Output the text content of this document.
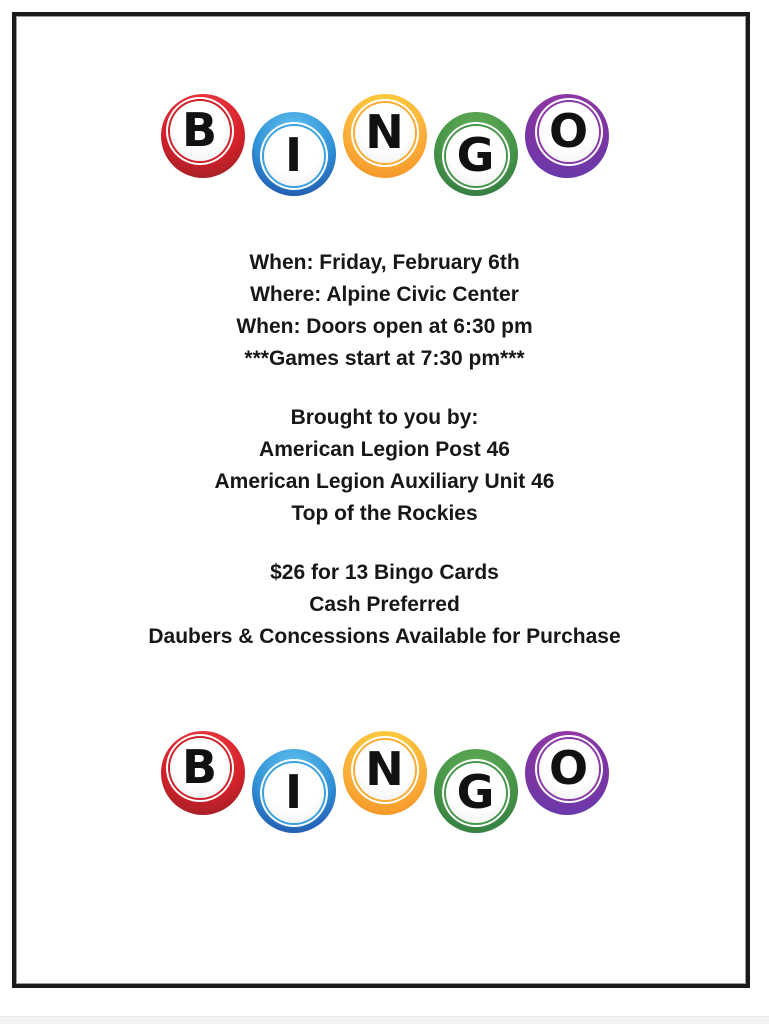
B I N G O
When: Friday, February 6th
Where: Alpine Civic Center
When: Doors open at 6:30 pm
***Games start at 7:30 pm***
Brought to you by:
American Legion Post 46
American Legion Auxiliary Unit 46
Top of the Rockies
$26 for 13 Bingo Cards
Cash Preferred
Daubers & Concessions Available for Purchase
B I N G O
